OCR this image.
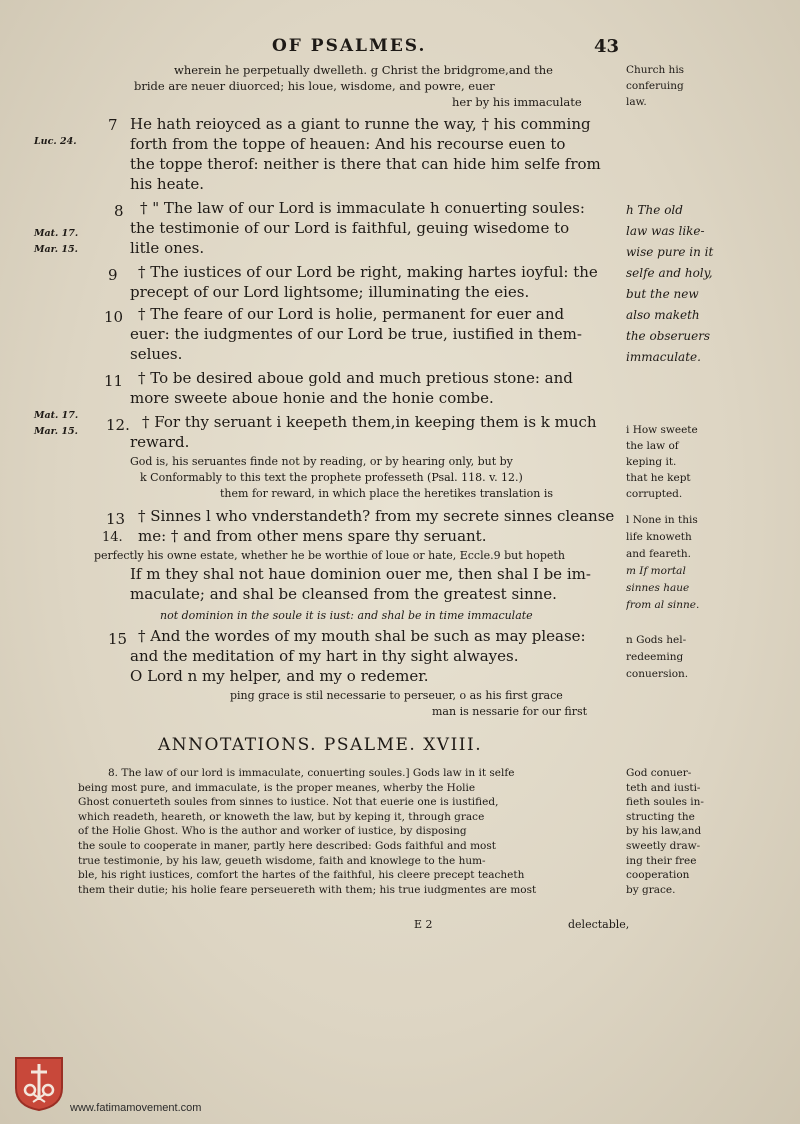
OF PSALMES.	43
wherein he perpetually dwelleth. g Christ the bridgrome,and the
bride are neuer diuorced; his loue, wisdome, and powre, euer
her by his immaculate
Church his
conferuing
law.
Luc. 24.
Mat. 17.
Mar. 15.
Mat. 17.
Mar. 15.
7 He hath reioyced as a giant to runne the way, † his comming
forth from the toppe of heauen: And his recourse euen to
the toppe therof: neither is there that can hide him selfe from
his heate.
8 † " The law of our Lord is immaculate h conuerting soules:
the testimonie of our Lord is faithful, geuing wisedome to
litle ones.
9 † The iustices of our Lord be right, making hartes ioyful: the
precept of our Lord lightsome; illuminating the eies.
10 † The feare of our Lord is holie, permanent for euer and
euer: the iudgmentes of our Lord be true, iustified in them-
selues.
11 † To be desired aboue gold and much pretious stone: and
more sweete aboue honie and the honie combe.
h The old
law was like-
wise pure in it
selfe and holy,
but the new
also maketh
the obseruers
immaculate.
12. † For thy seruant i keepeth them,in keeping them is k much
reward.
God is, his seruantes finde not by reading, or by hearing only, but by
k Conformably to this text the prophete professeth (Psal. 118. v. 12.)
them for reward, in which place the heretikes translation is
i How sweete
the law of
keping it.
that he kept
corrupted.
13
14.
† Sinnes l who vnderstandeth? from my secrete sinnes cleanse
me: † and from other mens spare thy seruant.
perfectly his owne estate, whether he be worthie of loue or hate, Eccle.9 but hopeth
If m they shal not haue dominion ouer me, then shal I be im-
maculate; and shal be cleansed from the greatest sinne.
not dominion in the soule it is iust: and shal be in time immaculate
15 † And the wordes of my mouth shal be such as may please:
and the meditation of my hart in thy sight alwayes.
O Lord n my helper, and my o redemer.
ping grace is stil necessarie to perseuer, o as his first grace
man is nessarie for our first
l None in this
life knoweth
and feareth.
m If mortal
sinnes haue
from al sinne.
n Gods hel-
redeeming
conuersion.
ANNOTATIONS. PSALME. XVIII.
8. The law of our lord is immaculate, conuerting soules.] Gods law in it selfe
being most pure, and immaculate, is the proper meanes, wherby the Holie
Ghost conuerteth soules from sinnes to iustice. Not that euerie one is iustified,
which readeth, heareth, or knoweth the law, but by keping it, through grace
of the Holie Ghost. Who is the author and worker of iustice, by disposing
the soule to cooperate in maner, partly here described: Gods faithful and most
true testimonie, by his law, geueth wisdome, faith and knowlege to the hum-
ble, his right iustices, comfort the hartes of the faithful, his cleere precept teacheth
them their dutie; his holie feare perseuereth with them; his true iudgmentes are most
God conuer-
teth and iusti-
fieth soules in-
structing the
by his law,and
sweetly draw-
ing their free
cooperation
by grace.
E 2	delectable,
www.fatimamovement.com
